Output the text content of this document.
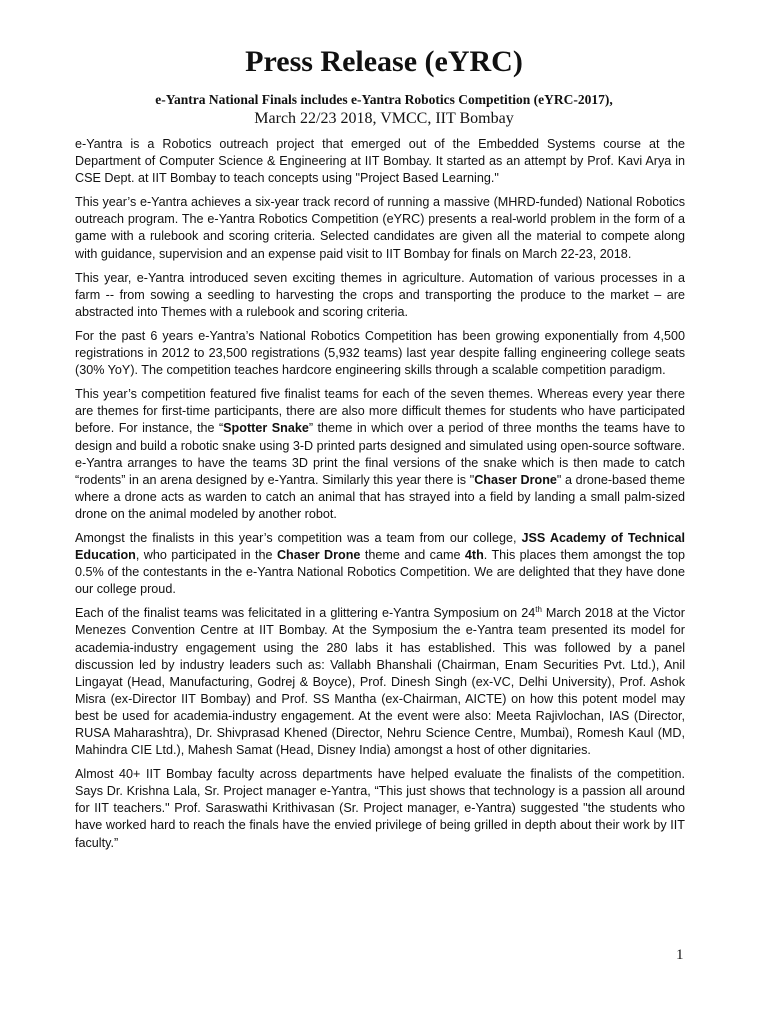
Press Release (eYRC)
e-Yantra National Finals includes e-Yantra Robotics Competition (eYRC-2017),
March 22/23 2018, VMCC, IIT Bombay

e-Yantra is a Robotics outreach project that emerged out of the Embedded Systems course at the Department of Computer Science & Engineering at IIT Bombay. It started as an attempt by Prof. Kavi Arya in CSE Dept. at IIT Bombay to teach concepts using "Project Based Learning."

This year’s e-Yantra achieves a six-year track record of running a massive (MHRD-funded) National Robotics outreach program. The e-Yantra Robotics Competition (eYRC) presents a real-world problem in the form of a game with a rulebook and scoring criteria. Selected candidates are given all the material to compete along with guidance, supervision and an expense paid visit to IIT Bombay for finals on March 22-23, 2018.

This year, e-Yantra introduced seven exciting themes in agriculture. Automation of various processes in a farm -- from sowing a seedling to harvesting the crops and transporting the produce to the market – are abstracted into Themes with a rulebook and scoring criteria.

For the past 6 years e-Yantra’s National Robotics Competition has been growing exponentially from 4,500 registrations in 2012 to 23,500 registrations (5,932 teams) last year despite falling engineering college seats (30% YoY). The competition teaches hardcore engineering skills through a scalable competition paradigm.

This year’s competition featured five finalist teams for each of the seven themes. Whereas every year there are themes for first-time participants, there are also more difficult themes for students who have participated before. For instance, the “Spotter Snake” theme in which over a period of three months the teams have to design and build a robotic snake using 3-D printed parts designed and simulated using open-source software. e-Yantra arranges to have the teams 3D print the final versions of the snake which is then made to catch “rodents” in an arena designed by e-Yantra. Similarly this year there is "Chaser Drone" a drone-based theme where a drone acts as warden to catch an animal that has strayed into a field by landing a small palm-sized drone on the animal modeled by another robot.

Amongst the finalists in this year’s competition was a team from our college, JSS Academy of Technical Education, who participated in the Chaser Drone theme and came 4th. This places them amongst the top 0.5% of the contestants in the e-Yantra National Robotics Competition. We are delighted that they have done our college proud.

Each of the finalist teams was felicitated in a glittering e-Yantra Symposium on 24th March 2018 at the Victor Menezes Convention Centre at IIT Bombay. At the Symposium the e-Yantra team presented its model for academia-industry engagement using the 280 labs it has established. This was followed by a panel discussion led by industry leaders such as: Vallabh Bhanshali (Chairman, Enam Securities Pvt. Ltd.), Anil Lingayat (Head, Manufacturing, Godrej & Boyce), Prof. Dinesh Singh (ex-VC, Delhi University), Prof. Ashok Misra (ex-Director IIT Bombay) and Prof. SS Mantha (ex-Chairman, AICTE) on how this potent model may best be used for academia-industry engagement. At the event were also: Meeta Rajivlochan, IAS (Director, RUSA Maharashtra), Dr. Shivprasad Khened (Director, Nehru Science Centre, Mumbai), Romesh Kaul (MD, Mahindra CIE Ltd.), Mahesh Samat (Head, Disney India) amongst a host of other dignitaries.

Almost 40+ IIT Bombay faculty across departments have helped evaluate the finalists of the competition. Says Dr. Krishna Lala, Sr. Project manager e-Yantra, “This just shows that technology is a passion all around for IIT teachers." Prof. Saraswathi Krithivasan (Sr. Project manager, e-Yantra) suggested "the students who have worked hard to reach the finals have the envied privilege of being grilled in depth about their work by IIT faculty.”

1
